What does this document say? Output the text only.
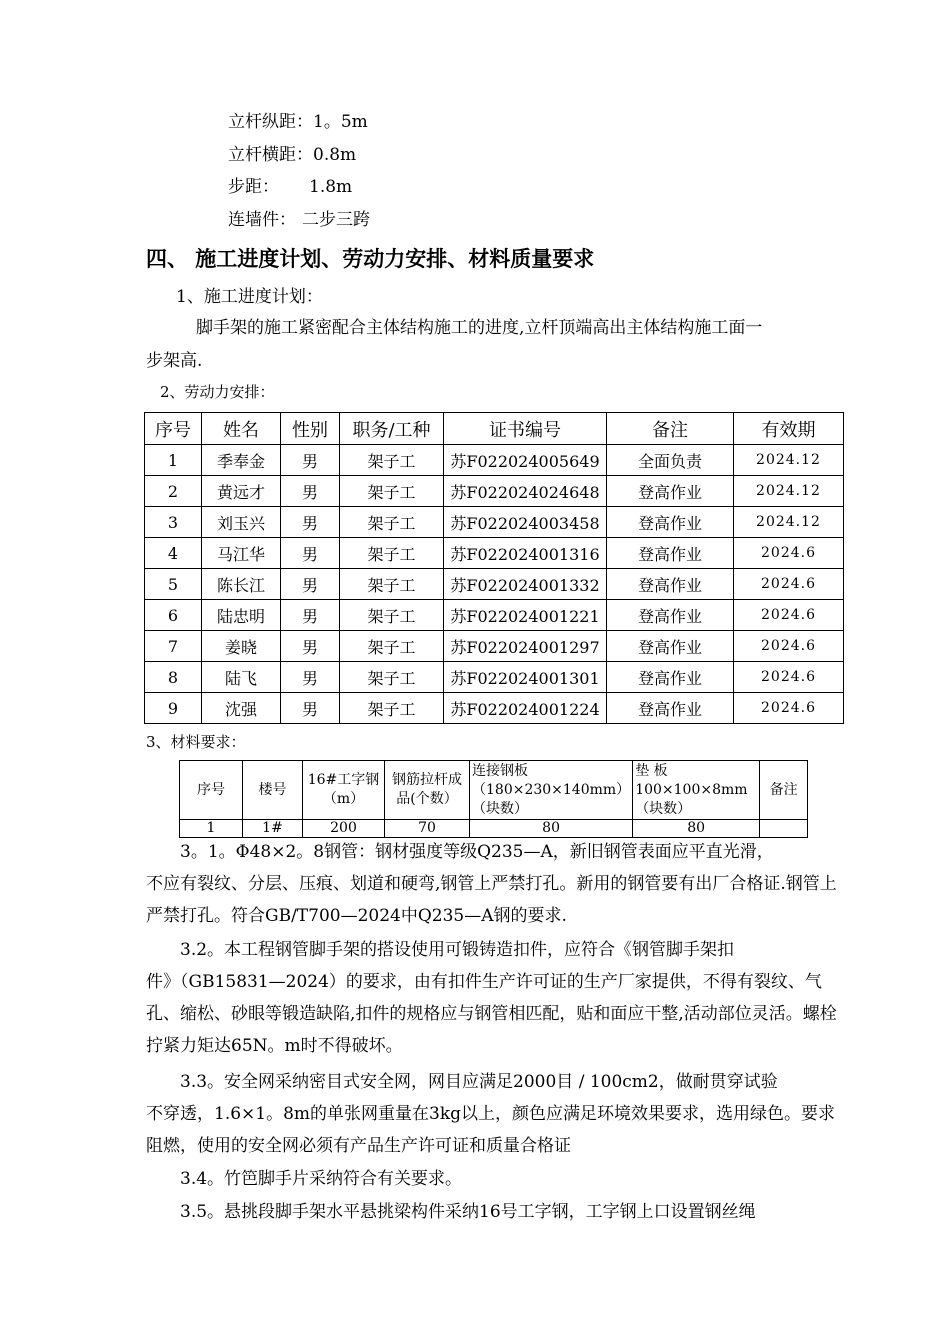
立杆纵距：1。5m
立杆横距：0.8m
步距： 1.8m
连墙件： 二步三跨
四、 施工进度计划、劳动力安排、材料质量要求
1、施工进度计划：
脚手架的施工紧密配合主体结构施工的进度,立杆顶端高出主体结构施工面一
步架高.
2、劳动力安排：
序号	姓名	性别	职务/工种	证书编号	备注	有效期
1	季奉金	男	架子工	苏F022024005649	全面负责	2024.12
2	黄远才	男	架子工	苏F022024024648	登高作业	2024.12
3	刘玉兴	男	架子工	苏F022024003458	登高作业	2024.12
4	马江华	男	架子工	苏F022024001316	登高作业	2024.6
5	陈长江	男	架子工	苏F022024001332	登高作业	2024.6
6	陆忠明	男	架子工	苏F022024001221	登高作业	2024.6
7	姜晓	男	架子工	苏F022024001297	登高作业	2024.6
8	陆飞	男	架子工	苏F022024001301	登高作业	2024.6
9	沈强	男	架子工	苏F022024001224	登高作业	2024.6
3、材料要求：
序号	楼号	16#工字钢（m）	钢筋拉杆成品(个数）	连接钢板（180×230×140mm）（块数）	垫 板100×100×8mm（块数）	备注
1	1#	200	70	80	80	
3。1。Φ48×2。8钢管：钢材强度等级Q235—A，新旧钢管表面应平直光滑，
不应有裂纹、分层、压痕、划道和硬弯,钢管上严禁打孔。新用的钢管要有出厂合格证.钢管上严禁打孔。符合GB/T700—2024中Q235—A钢的要求.
3.2。本工程钢管脚手架的搭设使用可锻铸造扣件，应符合《钢管脚手架扣
件》（GB15831—2024）的要求，由有扣件生产许可证的生产厂家提供，不得有裂纹、气孔、缩松、砂眼等锻造缺陷,扣件的规格应与钢管相匹配，贴和面应干整,活动部位灵活。螺栓拧紧力矩达65N。m时不得破坏。
3.3。安全网采纳密目式安全网，网目应满足2000目 / 100cm2，做耐贯穿试验
不穿透，1.6×1。8m的单张网重量在3kg以上，颜色应满足环境效果要求，选用绿色。要求阻燃，使用的安全网必须有产品生产许可证和质量合格证
3.4。竹笆脚手片采纳符合有关要求。
3.5。悬挑段脚手架水平悬挑梁构件采纳16号工字钢，工字钢上口设置钢丝绳
